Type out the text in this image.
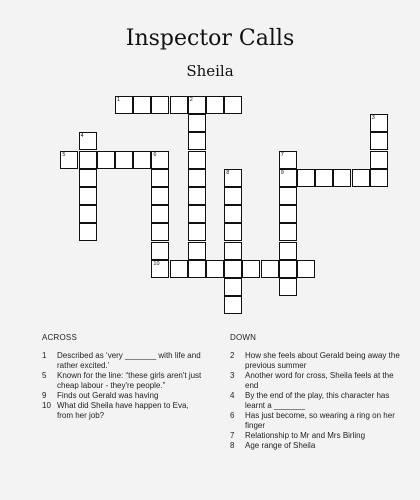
Inspector Calls
Sheila
1	2
3
4
5	6
10
7
9
8
ACROSS	DOWN
1 Described as ‘very _______ with life and rather excited.’
5 Known for the line: “these girls aren't just cheap labour - they're people.”
9 Finds out Gerald was having
10 What did Sheila have happen to Eva, from her job?
2 How she feels about Gerald being away the previous summer
3 Another word for cross, Sheila feels at the end
4 By the end of the play, this character has learnt a _______
6 Has just become, so wearing a ring on her finger
7 Relationship to Mr and Mrs Birling
8 Age range of Sheila
